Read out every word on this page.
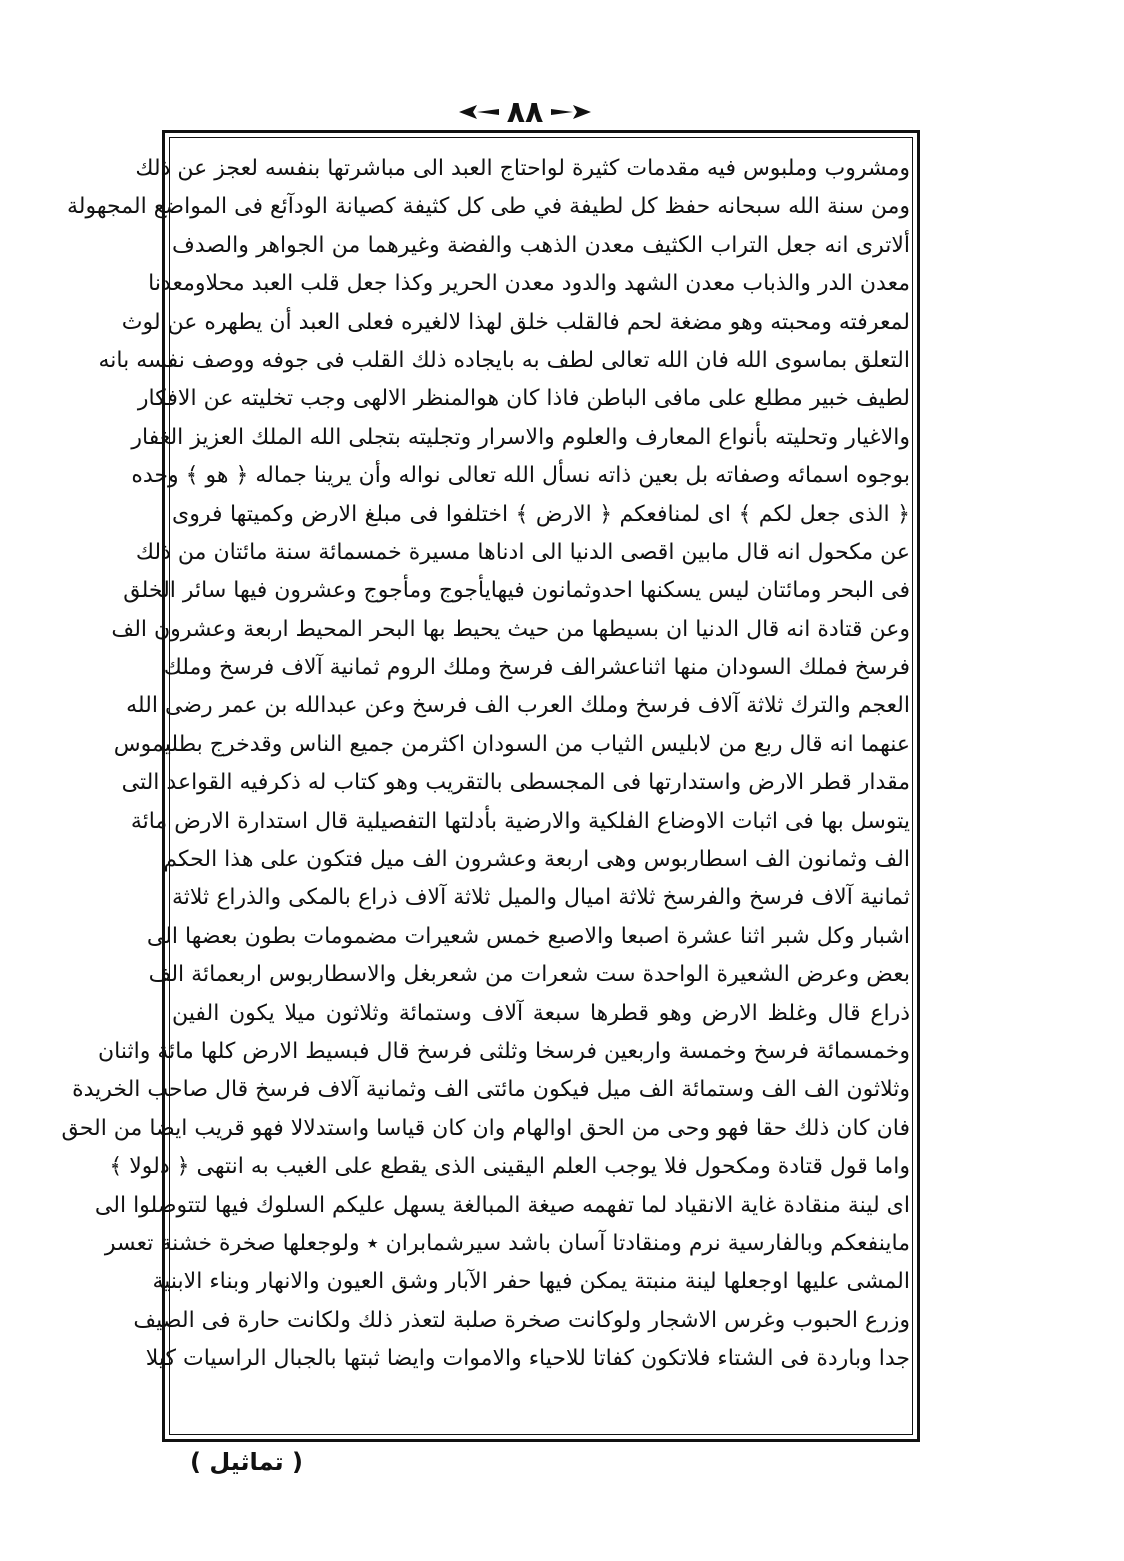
٨٨
ومشروب وملبوس فيه مقدمات كثيرة لواحتاج العبد الى مباشرتها بنفسه لعجز عن ذلك
ومن سنة الله سبحانه حفظ كل لطيفة في طى كل كثيفة كصيانة الودآئع فى المواضع المجهولة
ألاترى انه جعل التراب الكثيف معدن الذهب والفضة وغيرهما من الجواهر والصدف
معدن الدر والذباب معدن الشهد والدود معدن الحرير وكذا جعل قلب العبد محلاومعدنا
لمعرفته ومحبته وهو مضغة لحم فالقلب خلق لهذا لالغيره فعلى العبد أن يطهره عن لوث
التعلق بماسوى الله فان الله تعالى لطف به بايجاده ذلك القلب فى جوفه ووصف نفسه بانه
لطيف خبير مطلع على مافى الباطن فاذا كان هوالمنظر الالهى وجب تخليته عن الافكار
والاغيار وتحليته بأنواع المعارف والعلوم والاسرار وتجليته بتجلى الله الملك العزيز الغفار
بوجوه اسمائه وصفاته بل بعين ذاته نسأل الله تعالى نواله وأن يرينا جماله ﴿ هو ﴾ وحده
﴿ الذى جعل لكم ﴾ اى لمنافعكم ﴿ الارض ﴾ اختلفوا فى مبلغ الارض وكميتها فروى
عن مكحول انه قال مابين اقصى الدنيا الى ادناها مسيرة خمسمائة سنة مائتان من ذلك
فى البحر ومائتان ليس يسكنها احدوثمانون فيهايأجوج ومأجوج وعشرون فيها سائر الخلق
وعن قتادة انه قال الدنيا ان بسيطها من حيث يحيط بها البحر المحيط اربعة وعشرون الف
فرسخ فملك السودان منها اثناعشرالف فرسخ وملك الروم ثمانية آلاف فرسخ وملك
العجم والترك ثلاثة آلاف فرسخ وملك العرب الف فرسخ وعن عبدالله بن عمر رضى الله
عنهما انه قال ربع من لابليس الثياب من السودان اكثرمن جميع الناس وقدخرج بطليموس
مقدار قطر الارض واستدارتها فى المجسطى بالتقريب وهو كتاب له ذكرفيه القواعد التى
يتوسل بها فى اثبات الاوضاع الفلكية والارضية بأدلتها التفصيلية قال استدارة الارض مائة
الف وثمانون الف اسطاربوس وهى اربعة وعشرون الف ميل فتكون على هذا الحكم
ثمانية آلاف فرسخ والفرسخ ثلاثة اميال والميل ثلاثة آلاف ذراع بالمكى والذراع ثلاثة
اشبار وكل شبر اثنا عشرة اصبعا والاصبع خمس شعيرات مضمومات بطون بعضها الى
بعض وعرض الشعيرة الواحدة ست شعرات من شعربغل والاسطاربوس اربعمائة الف
ذراع قال وغلظ الارض وهو قطرها سبعة آلاف وستمائة وثلاثون ميلا يكون الفين
وخمسمائة فرسخ وخمسة واربعين فرسخا وثلثى فرسخ قال فبسيط الارض كلها مائة واثنان
وثلاثون الف الف وستمائة الف ميل فيكون مائتى الف وثمانية آلاف فرسخ قال صاحب الخريدة
فان كان ذلك حقا فهو وحى من الحق اوالهام وان كان قياسا واستدلالا فهو قريب ايضا من الحق
واما قول قتادة ومكحول فلا يوجب العلم اليقينى الذى يقطع على الغيب به انتهى ﴿ ذلولا ﴾
اى لينة منقادة غاية الانقياد لما تفهمه صيغة المبالغة يسهل عليكم السلوك فيها لتتوصلوا الى
ماينفعكم وبالفارسية نرم ومنقادتا آسان باشد سيرشمابران ٭ ولوجعلها صخرة خشنة تعسر
المشى عليها اوجعلها لينة منبتة يمكن فيها حفر الآبار وشق العيون والانهار وبناء الابنية
وزرع الحبوب وغرس الاشجار ولوكانت صخرة صلبة لتعذر ذلك ولكانت حارة فى الصيف
جدا وباردة فى الشتاء فلاتكون كفاتا للاحياء والاموات وايضا ثبتها بالجبال الراسيات كيلا
( تماثيل )
